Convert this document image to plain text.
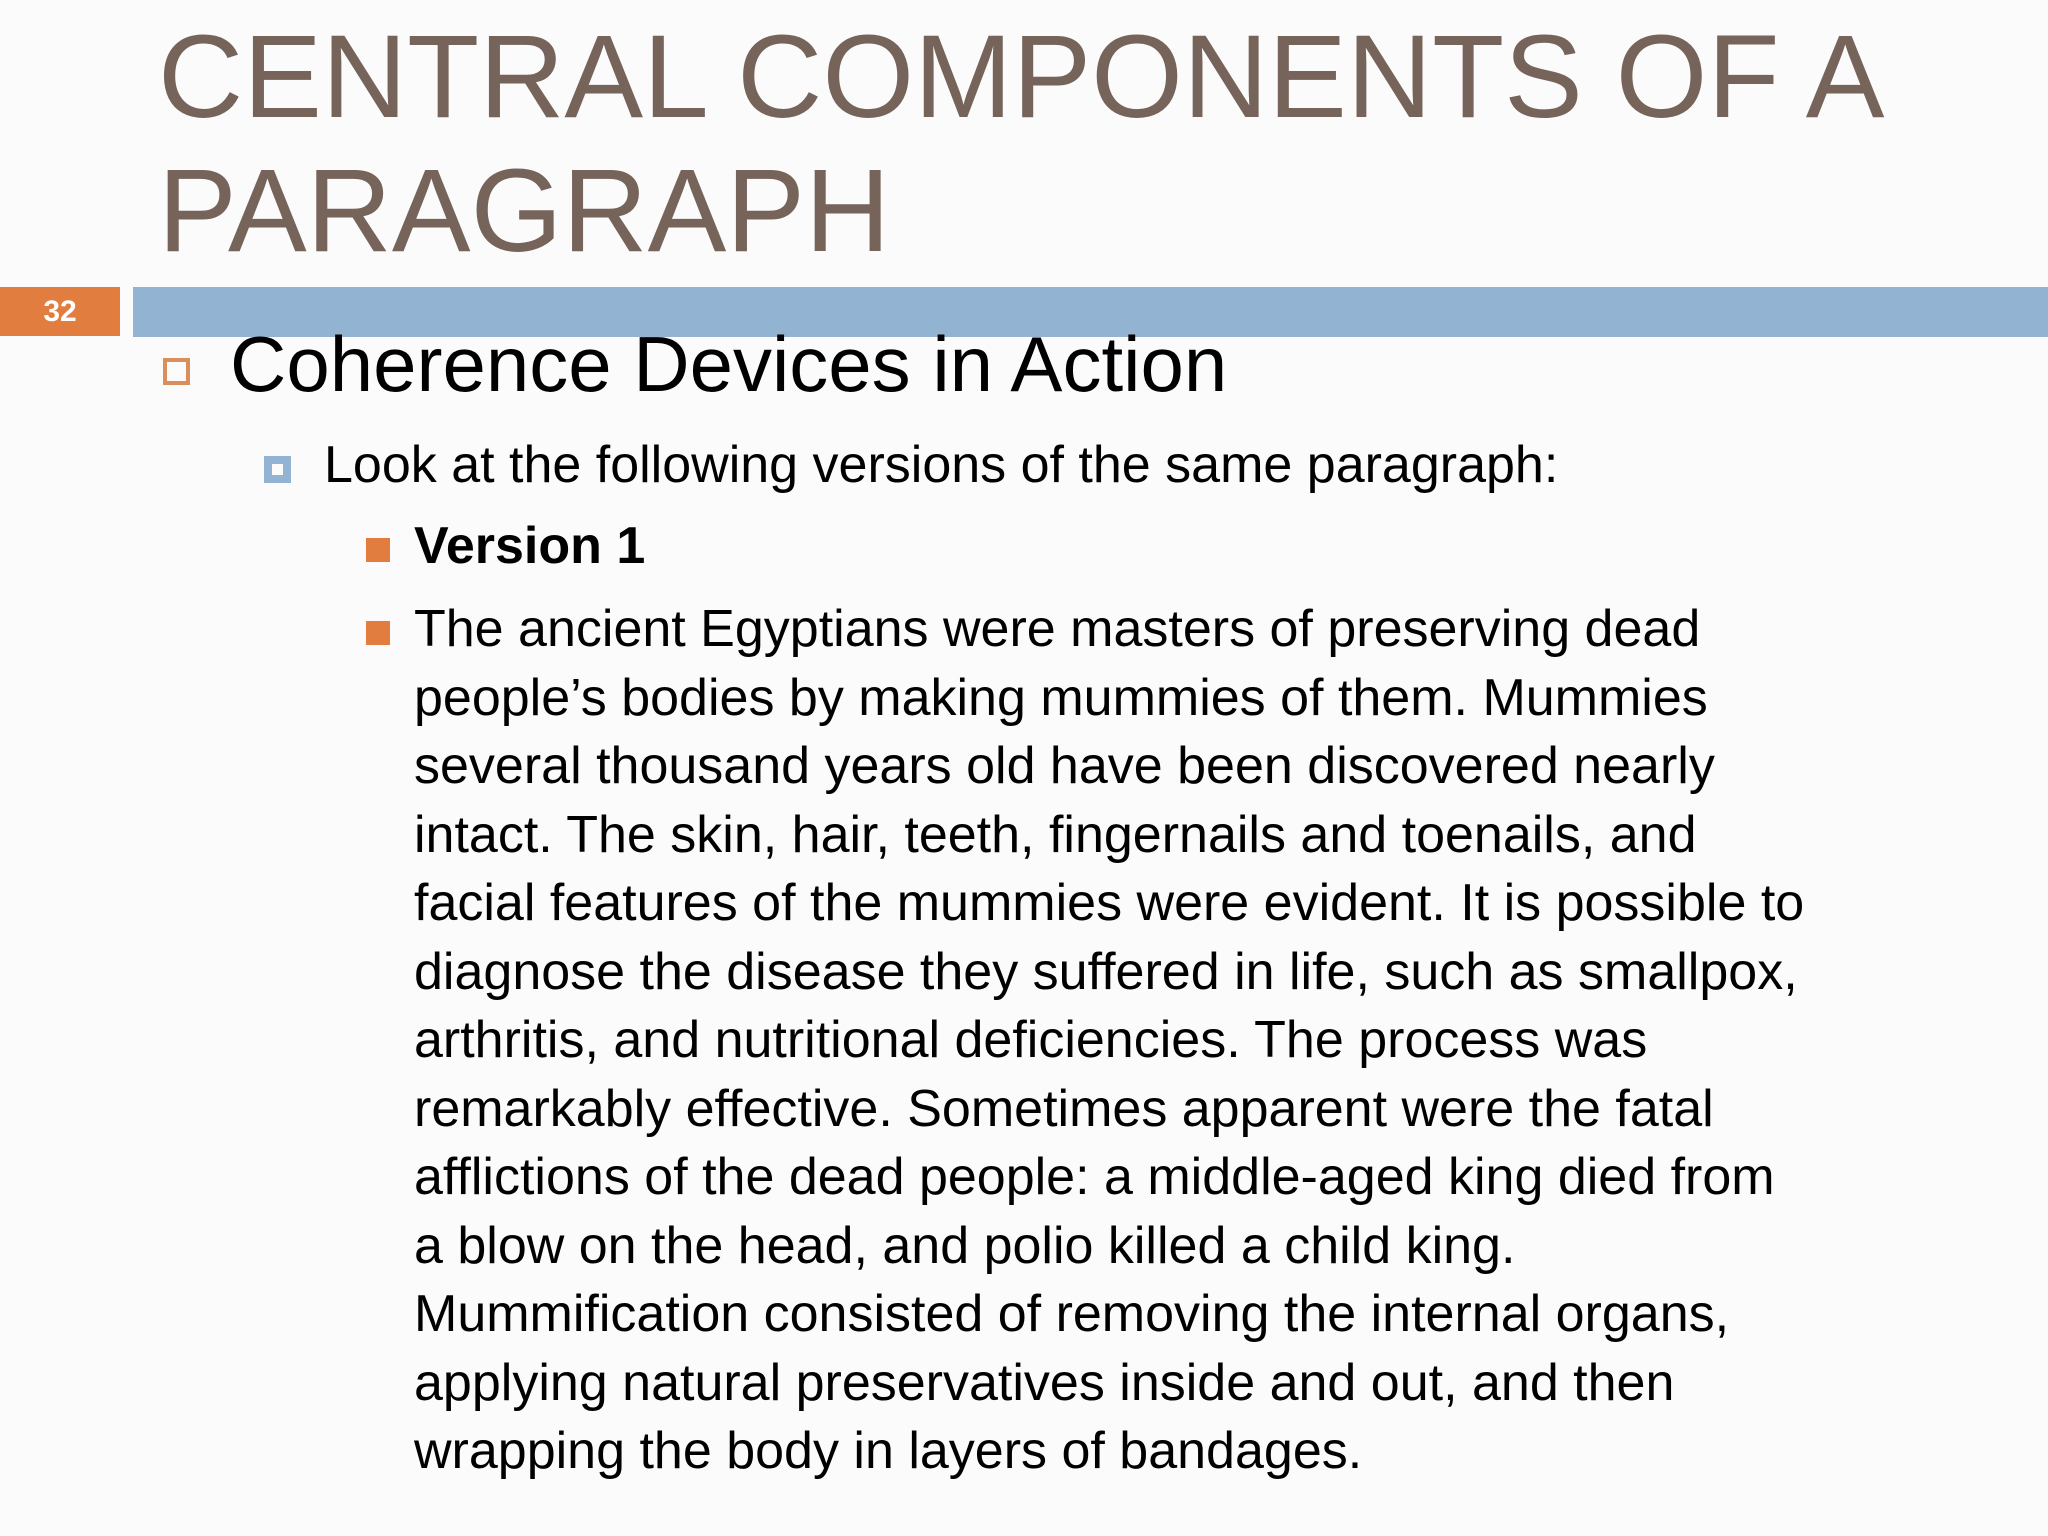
CENTRAL COMPONENTS OF A
PARAGRAPH
32
Coherence Devices in Action
Look at the following versions of the same paragraph:
Version 1
The ancient Egyptians were masters of preserving dead
people’s bodies by making mummies of them. Mummies
several thousand years old have been discovered nearly
intact. The skin, hair, teeth, fingernails and toenails, and
facial features of the mummies were evident. It is possible to
diagnose the disease they suffered in life, such as smallpox,
arthritis, and nutritional deficiencies. The process was
remarkably effective. Sometimes apparent were the fatal
afflictions of the dead people: a middle-aged king died from
a blow on the head, and polio killed a child king.
Mummification consisted of removing the internal organs,
applying natural preservatives inside and out, and then
wrapping the body in layers of bandages.
